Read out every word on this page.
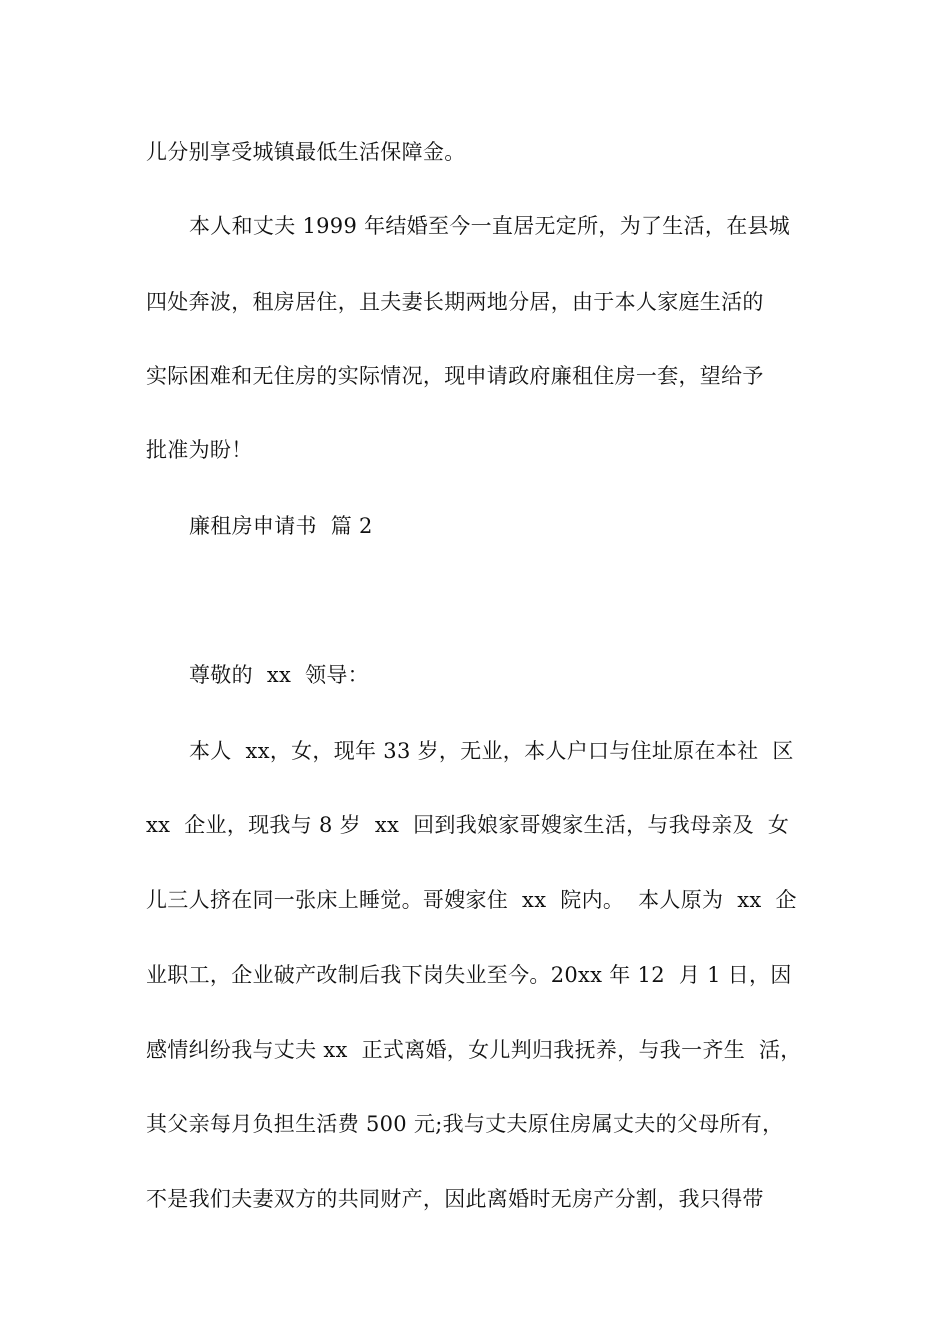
儿分别享受城镇最低生活保障金。
本人和丈夫 1999 年结婚至今一直居无定所，为了生活，在县城
四处奔波，租房居住，且夫妻长期两地分居，由于本人家庭生活的
实际困难和无住房的实际情况，现申请政府廉租住房一套，望给予
批准为盼！
廉租房申请书  篇 2
尊敬的  xx  领导：
本人  xx，女，现年 33 岁，无业，本人户口与住址原在本社  区
xx  企业，现我与 8 岁  xx  回到我娘家哥嫂家生活，与我母亲及  女
儿三人挤在同一张床上睡觉。哥嫂家住  xx  院内。  本人原为  xx  企
业职工，企业破产改制后我下岗失业至今。20xx 年 12  月 1 日，因
感情纠纷我与丈夫 xx  正式离婚，女儿判归我抚养，与我一齐生  活，
其父亲每月负担生活费 500 元;我与丈夫原住房属丈夫的父母所有，
不是我们夫妻双方的共同财产，因此离婚时无房产分割，我只得带
